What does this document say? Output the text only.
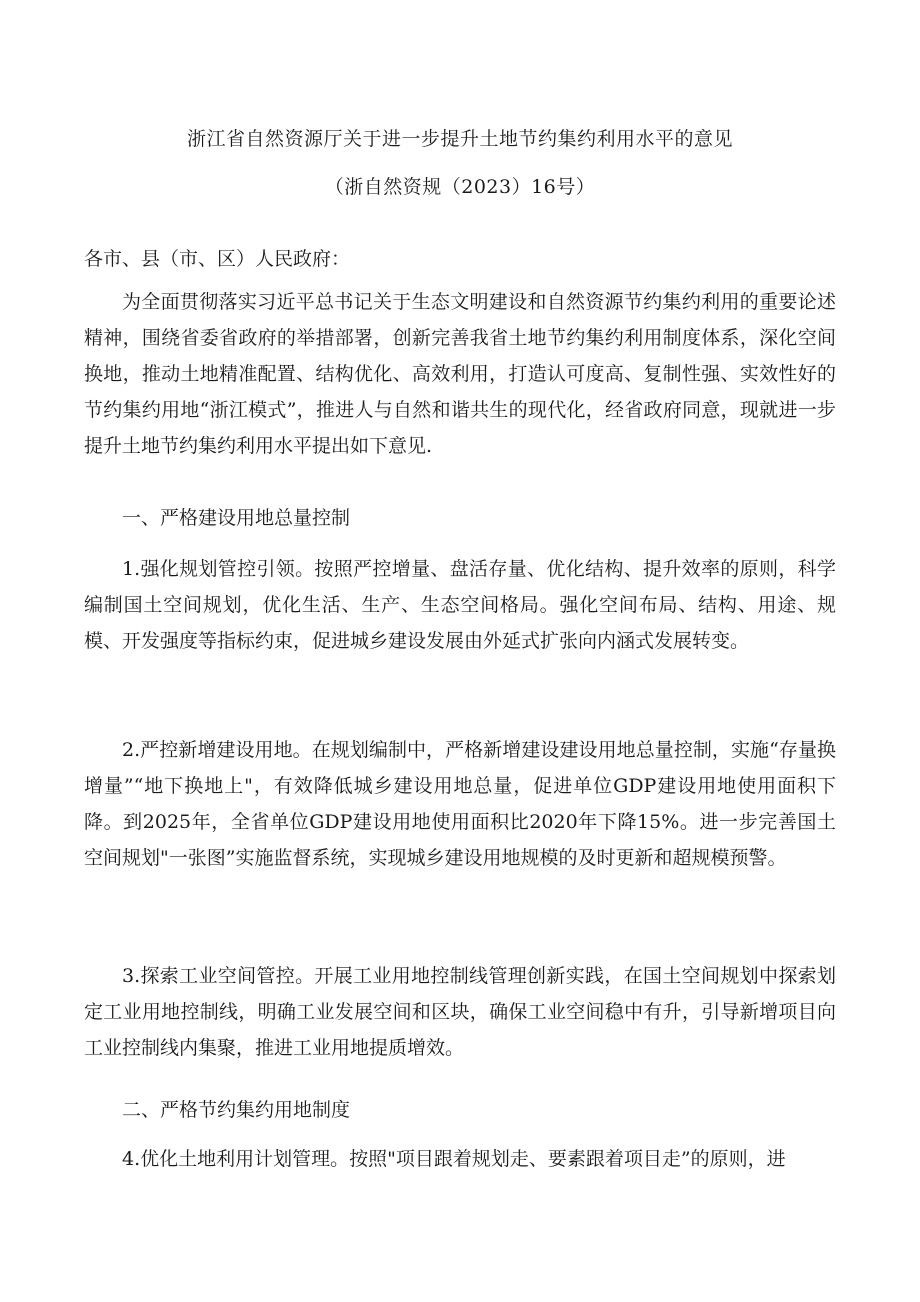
浙江省自然资源厅关于进一步提升土地节约集约利用水平的意见
（浙自然资规（2023）16号）
各市、县（市、区）人民政府：
为全面贯彻落实习近平总书记关于生态文明建设和自然资源节约集约利用的重要论述精神，围绕省委省政府的举措部署，创新完善我省土地节约集约利用制度体系，深化空间换地，推动土地精准配置、结构优化、高效利用，打造认可度高、复制性强、实效性好的节约集约用地“浙江模式”，推进人与自然和谐共生的现代化，经省政府同意，现就进一步提升土地节约集约利用水平提出如下意见.
一、严格建设用地总量控制
1.强化规划管控引领。按照严控增量、盘活存量、优化结构、提升效率的原则，科学编制国土空间规划，优化生活、生产、生态空间格局。强化空间布局、结构、用途、规模、开发强度等指标约束，促进城乡建设发展由外延式扩张向内涵式发展转变。
2.严控新增建设用地。在规划编制中，严格新增建设建设用地总量控制，实施“存量换增量”“地下换地上"，有效降低城乡建设用地总量，促进单位GDP建设用地使用面积下降。到2025年，全省单位GDP建设用地使用面积比2020年下降15%。进一步完善国土空间规划"一张图”实施监督系统，实现城乡建设用地规模的及时更新和超规模预警。
3.探索工业空间管控。开展工业用地控制线管理创新实践，在国土空间规划中探索划定工业用地控制线，明确工业发展空间和区块，确保工业空间稳中有升，引导新增项目向工业控制线内集聚，推进工业用地提质增效。
二、严格节约集约用地制度
4.优化土地利用计划管理。按照"项目跟着规划走、要素跟着项目走”的原则，进
